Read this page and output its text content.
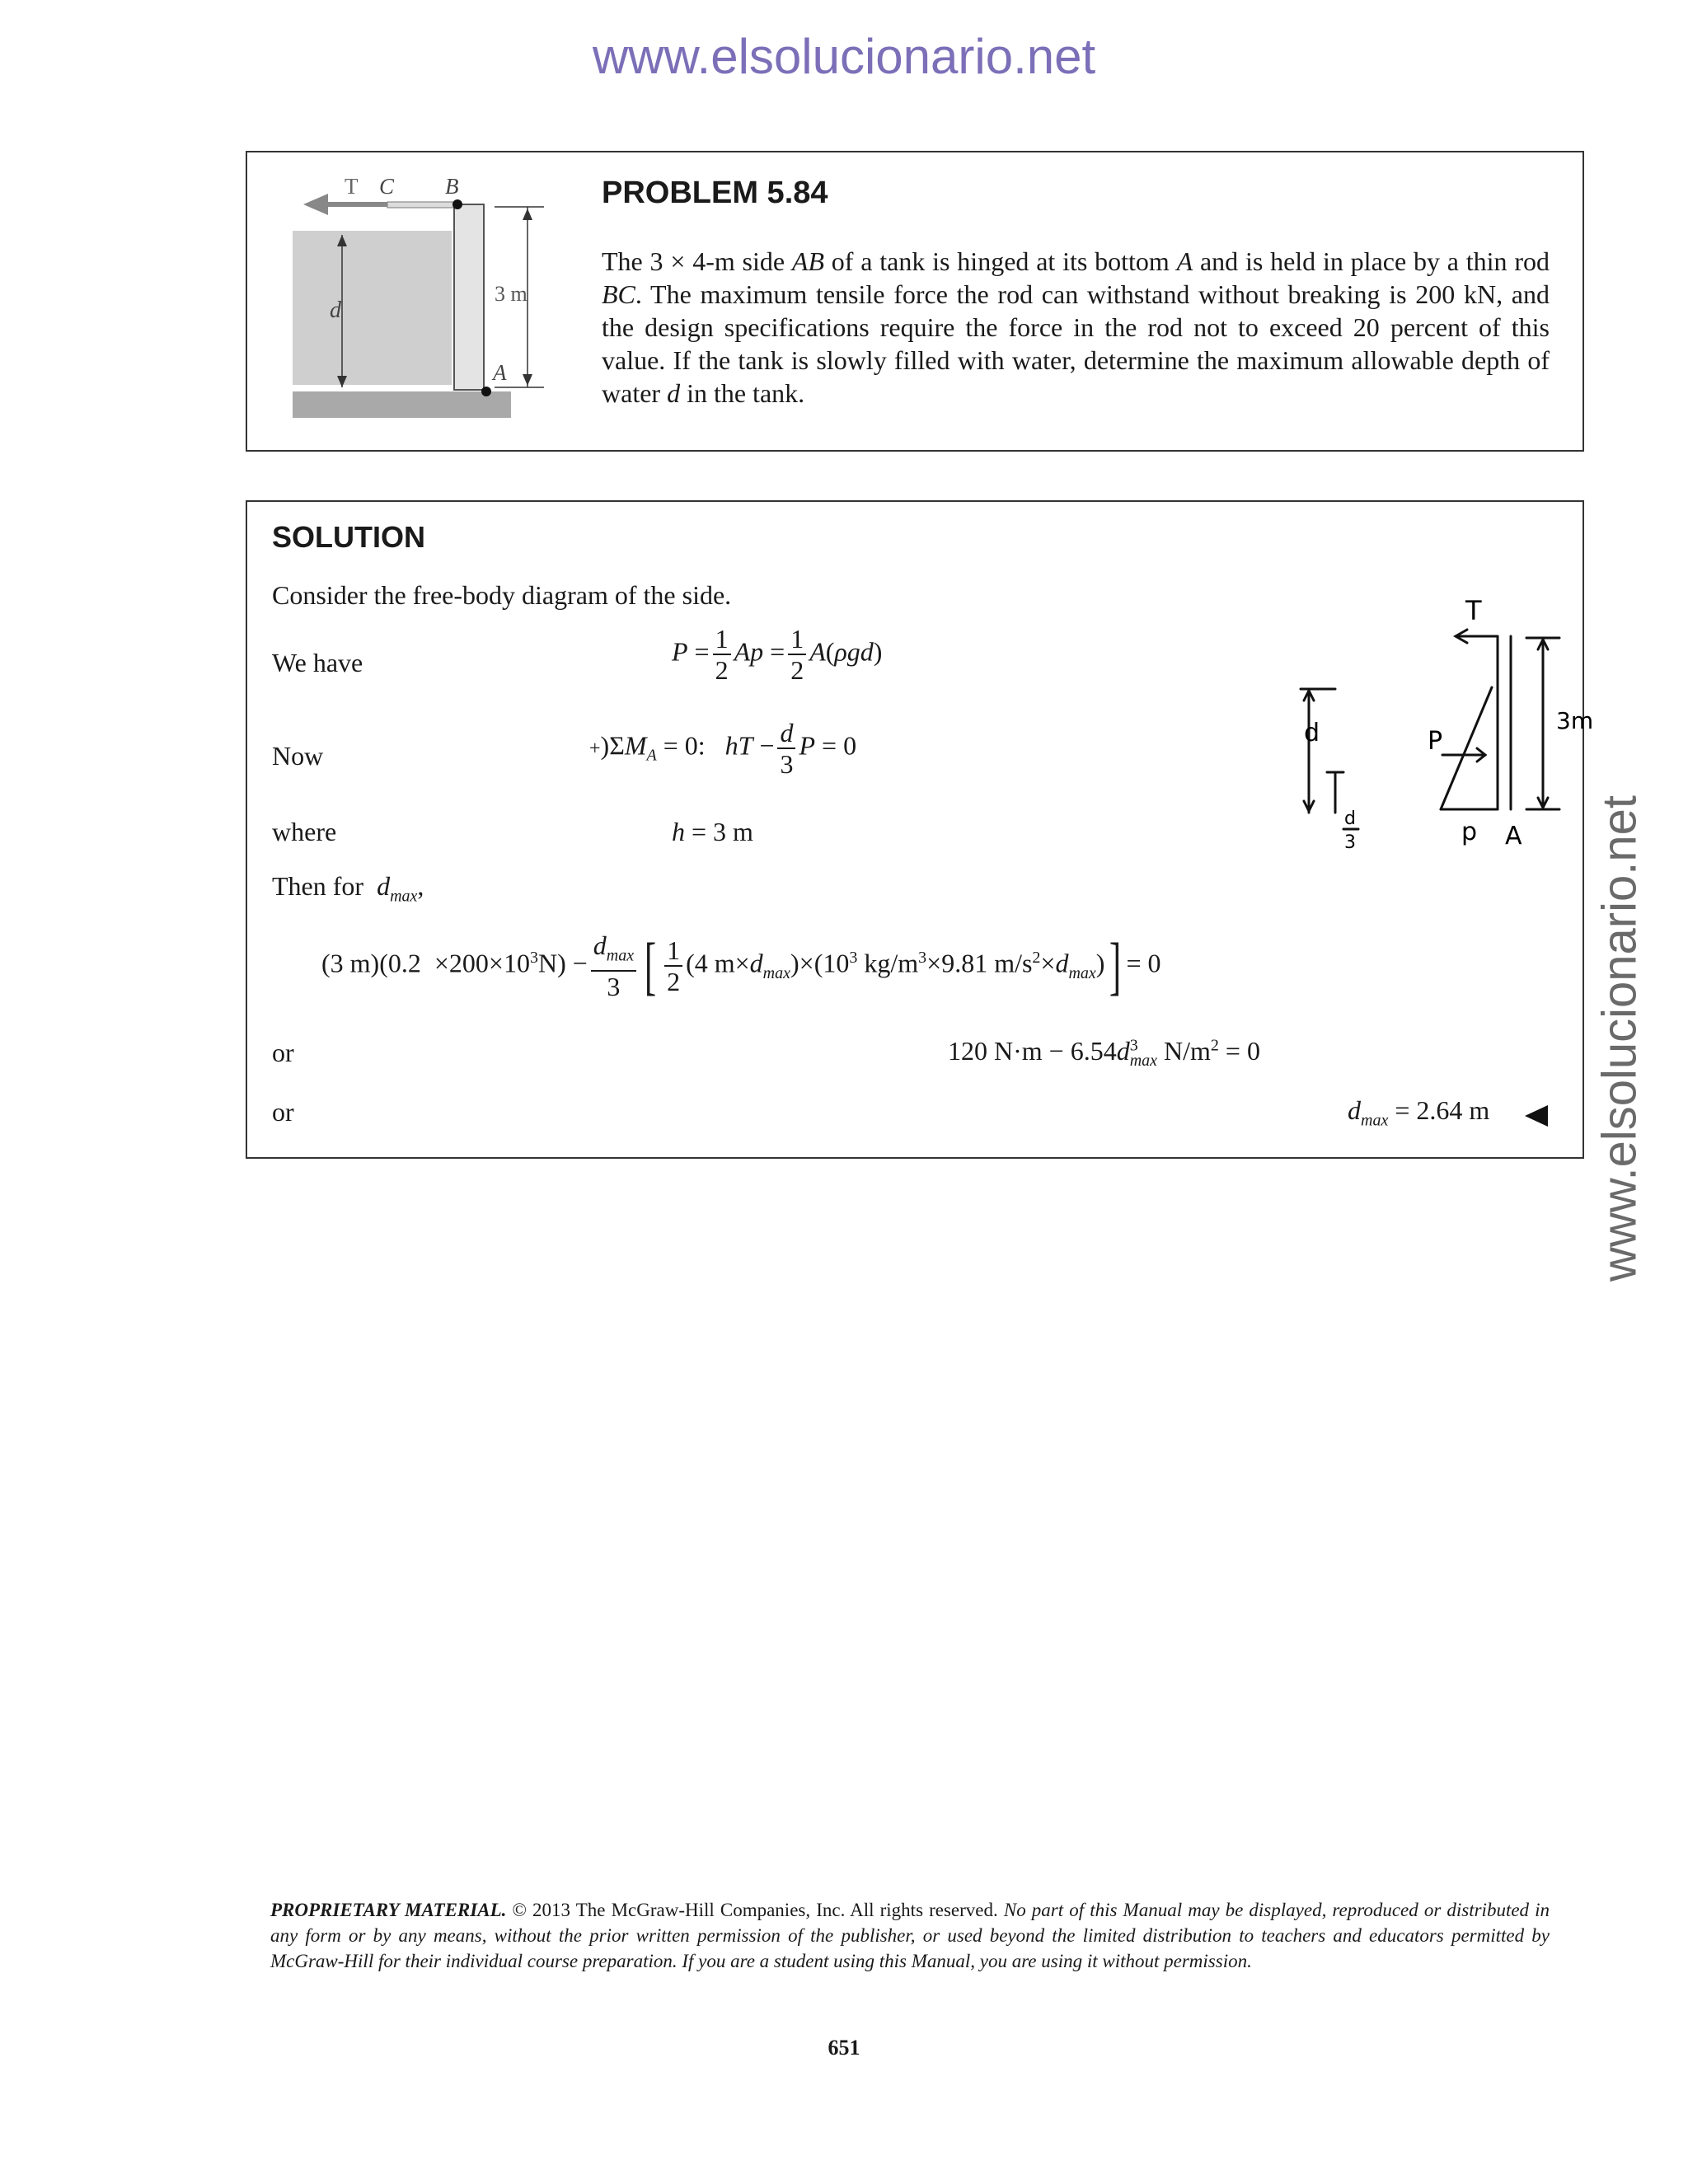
www.elsolucionario.net
www.elsolucionario.net
T C B
d
3 m
A
PROBLEM 5.84
The 3 × 4-m side AB of a tank is hinged at its bottom A and is held in place by a thin rod BC. The maximum tensile force the rod can withstand without breaking is 200 kN, and the design specifications require the force in the rod not to exceed 20 percent of this value. If the tank is slowly filled with water, determine the maximum allowable depth of water d in the tank.
SOLUTION
Consider the free-body diagram of the side.
We have	$P = \frac{1}{2}$ $Ap = \frac{1}{2} A(\rho gd)$
Now	$+)\Sigma M_A = 0$:   hT − $\frac{d}{3}$ P = 0
where	h = 3 m
Then for $d_{max}$,
(3 $m)(0.2 \times 200\times 10^3N) - \frac{d_{max}}{3}$ [ $\frac{1}{2} (4$ $m\times d_{max})\times(10^3$ $kg/m^3\times 9.81$ $m/s^2\times d_{max})] = 0$
or	120 $N\cdot m - 6.54d^3_{max}$ $N/m^2 = 0$
or	$d_{max} = 2.64$ m
T
d	P
p A
3m
d
3
PROPRIETARY MATERIAL. © 2013 The McGraw-Hill Companies, Inc. All rights reserved. No part of this Manual may be displayed, reproduced or distributed in any form or by any means, without the prior written permission of the publisher, or used beyond the limited distribution to teachers and educators permitted by McGraw-Hill for their individual course preparation. If you are a student using this Manual, you are using it without permission.
651
